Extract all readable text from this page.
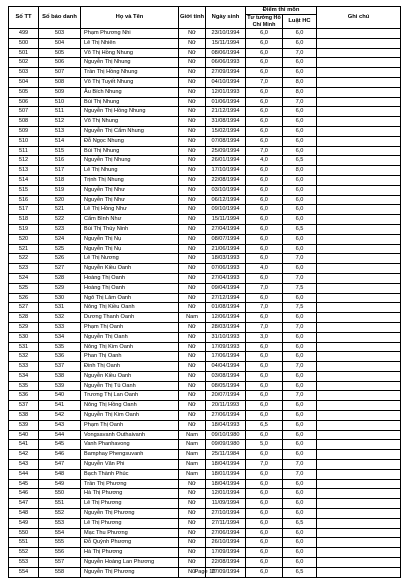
Số TT	Số báo danh	Họ và Tên	Giới tính	Ngày sinh	Điểm thi môn		Ghi chú
					Tư tưởng Hồ Chí Minh	Luật HC	
499	503	Phạm Phương Nhi	Nữ	23/10/1994	6,0	6,0	
500	504	Lê Thị Nhiên	Nữ	15/11/1994	6,0	6,0	
501	505	Võ Thị Hồng Nhung	Nữ	08/06/1994	6,0	7,0	
502	506	Nguyễn Thị Nhung	Nữ	06/06/1993	6,0	6,0	
503	507	Trần Thị Hồng Nhung	Nữ	27/09/1994	6,0	6,0	
504	508	Võ Thị Tuyết Nhung	Nữ	04/10/1994	7,0	8,0	
505	509	Âu Bích Nhung	Nữ	12/01/1993	6,0	8,0	
506	510	Bùi Thị Nhung	Nữ	01/06/1994	6,0	7,0	
507	511	Nguyễn Thị Hồng Nhung	Nữ	21/12/1994	6,0	6,0	
508	512	Võ Thị Nhung	Nữ	31/08/1994	6,0	6,0	
509	513	Nguyễn Thị Cẩm Nhung	Nữ	15/02/1994	6,0	6,0	
510	514	Đỗ Ngọc Nhung	Nữ	07/08/1994	6,0	6,0	
511	515	Bùi Thị Nhung	Nữ	25/09/1994	7,0	6,0	
512	516	Nguyễn Thị Nhung	Nữ	26/01/1994	4,0	6,5	
513	517	Lê Thị Nhung	Nữ	17/10/1994	6,0	8,0	
514	518	Trịnh Thị Nhung	Nữ	22/08/1994	6,0	6,0	
515	519	Nguyễn Thị Như	Nữ	03/10/1994	6,0	6,0	
516	520	Nguyễn Thị Như	Nữ	06/12/1994	6,0	6,0	
517	521	Lê Thị Hồng Như	Nữ	09/10/1994	6,0	6,0	
518	522	Cẩm Bình Như	Nữ	15/11/1994	6,0	6,0	
519	523	Bùi Thị Thúy Ninh	Nữ	27/04/1994	6,0	6,5	
520	524	Nguyễn Thị Nụ	Nữ	08/07/1994	6,0	6,0	
521	525	Nguyễn Thị Nụ	Nữ	21/06/1994	6,0	6,0	
522	526	Lê Thị Nương	Nữ	18/03/1993	6,0	7,0	
523	527	Nguyễn Kiều Oanh	Nữ	07/06/1993	4,0	6,0	
524	528	Hoàng Thị Oanh	Nữ	27/04/1993	6,0	7,0	
525	529	Hoàng Thị Oanh	Nữ	09/04/1994	7,0	7,5	
526	530	Ngô Thị Lâm Oanh	Nữ	27/12/1994	6,0	6,0	
527	531	Nông Thị Kiều Oanh	Nữ	01/08/1994	7,0	7,5	
528	532	Dương Thanh Oanh	Nam	12/06/1994	6,0	6,0	
529	533	Phạm Thị Oanh	Nữ	28/03/1994	7,0	7,0	
530	534	Nguyễn Thị Oanh	Nữ	31/10/1993	3,0	6,0	
531	535	Nông Thị Kim Oanh	Nữ	17/09/1993	6,0	6,0	
532	536	Phan Thị Oanh	Nữ	17/06/1994	6,0	6,0	
533	537	Đinh Thị Oanh	Nữ	04/04/1994	6,0	7,0	
534	538	Nguyễn Kiều Oanh	Nữ	03/08/1994	6,0	6,0	
535	539	Nguyễn Thị Tú Oanh	Nữ	08/05/1994	6,0	6,0	
536	540	Trương Thị Lan Oanh	Nữ	20/07/1994	6,0	7,0	
537	541	Nông Thị Hồng Oanh	Nữ	20/11/1993	6,0	6,0	
538	542	Nguyễn Thị Kim Oanh	Nữ	27/06/1994	6,0	6,0	
539	543	Phạm Thị Oanh	Nữ	18/04/1993	6,5	6,0	
540	544	Vongsavanh Outhaivanh	Nam	09/10/1980	6,0	6,0	
541	545	Vanh Phanhavong	Nam	09/09/1980	5,0	6,0	
542	546	Bamphay Phengsuvanh	Nam	25/11/1984	6,0	6,0	
543	547	Nguyễn Văn Phi	Nam	18/04/1994	7,0	7,0	
544	548	Bạch Thành Phúc	Nam	18/01/1994	6,0	7,0	
545	549	Trần Thị Phương	Nữ	18/04/1994	6,0	6,0	
546	550	Hà Thị Phương	Nữ	12/01/1994	6,0	6,0	
547	551	Lê Thị Phương	Nữ	11/09/1994	6,0	6,0	
548	552	Nguyễn Thị Phương	Nữ	27/10/1994	6,0	6,0	
549	553	Lê Thị Phương	Nữ	27/11/1994	6,0	6,5	
550	554	Mạc Thu Phương	Nữ	27/06/1994	6,0	6,0	
551	555	Đỗ Quỳnh Phương	Nữ	26/10/1994	6,0	6,0	
552	556	Hà Thị Phương	Nữ	17/09/1994	6,0	6,0	
553	557	Nguyễn Hoàng Lan Phương	Nữ	22/08/1994	6,0	6,0	
554	558	Nguyễn Thị Phương	Nữ	27/09/1994	6,0	6,5	
Page 10
